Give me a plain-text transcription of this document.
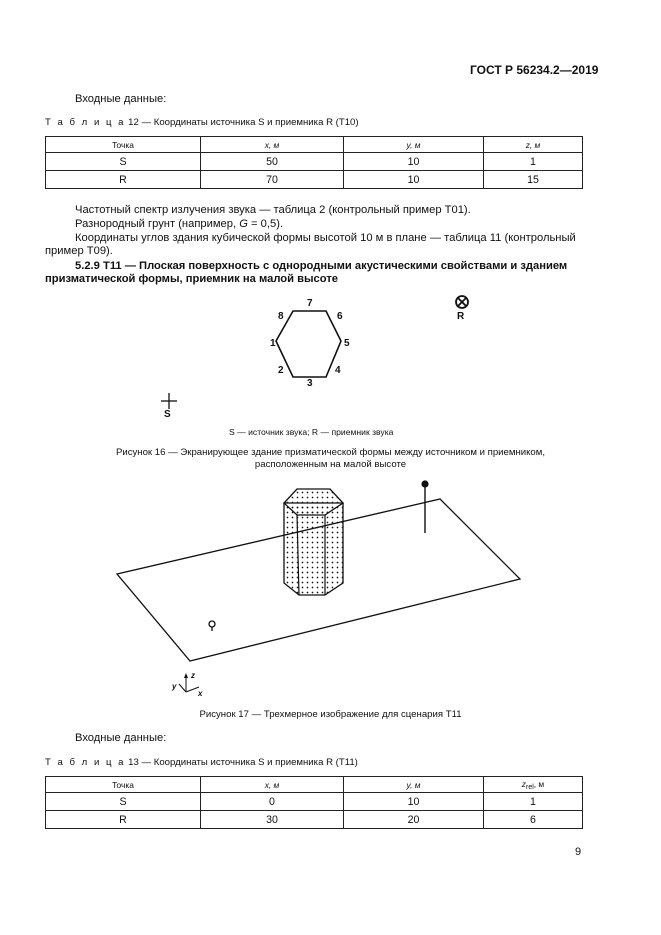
ГОСТ Р 56234.2—2019
Входные данные:
Т а б л и ц а 12 — Координаты источника S и приемника R (Т10)
Точка	x, м	y, м	z, м
S	50	10	1
R	70	10	15
Частотный спектр излучения звука — таблица 2 (контрольный пример Т01).
Разнородный грунт (например, G = 0,5).
Координаты углов здания кубической формы высотой 10 м в плане — таблица 11 (контрольный
пример Т09).
5.2.9 Т11 — Плоская поверхность с однородными акустическими свойствами и зданием
призматической формы, приемник на малой высоте
1
2
3
4
5
6
7
8
S
R
S — источник звука; R — приемник звука
Рисунок 16 — Экранирующее здание призматической формы между источником и приемником,
расположенным на малой высоте
z
y
x
Рисунок 17 — Трехмерное изображение для сценария Т11
Входные данные:
Т а б л и ц а 13 — Координаты источника S и приемника R (Т11)
Точка	x, м	y, м	$z_{rel}$, м
S	0	10	1
R	30	20	6
9
